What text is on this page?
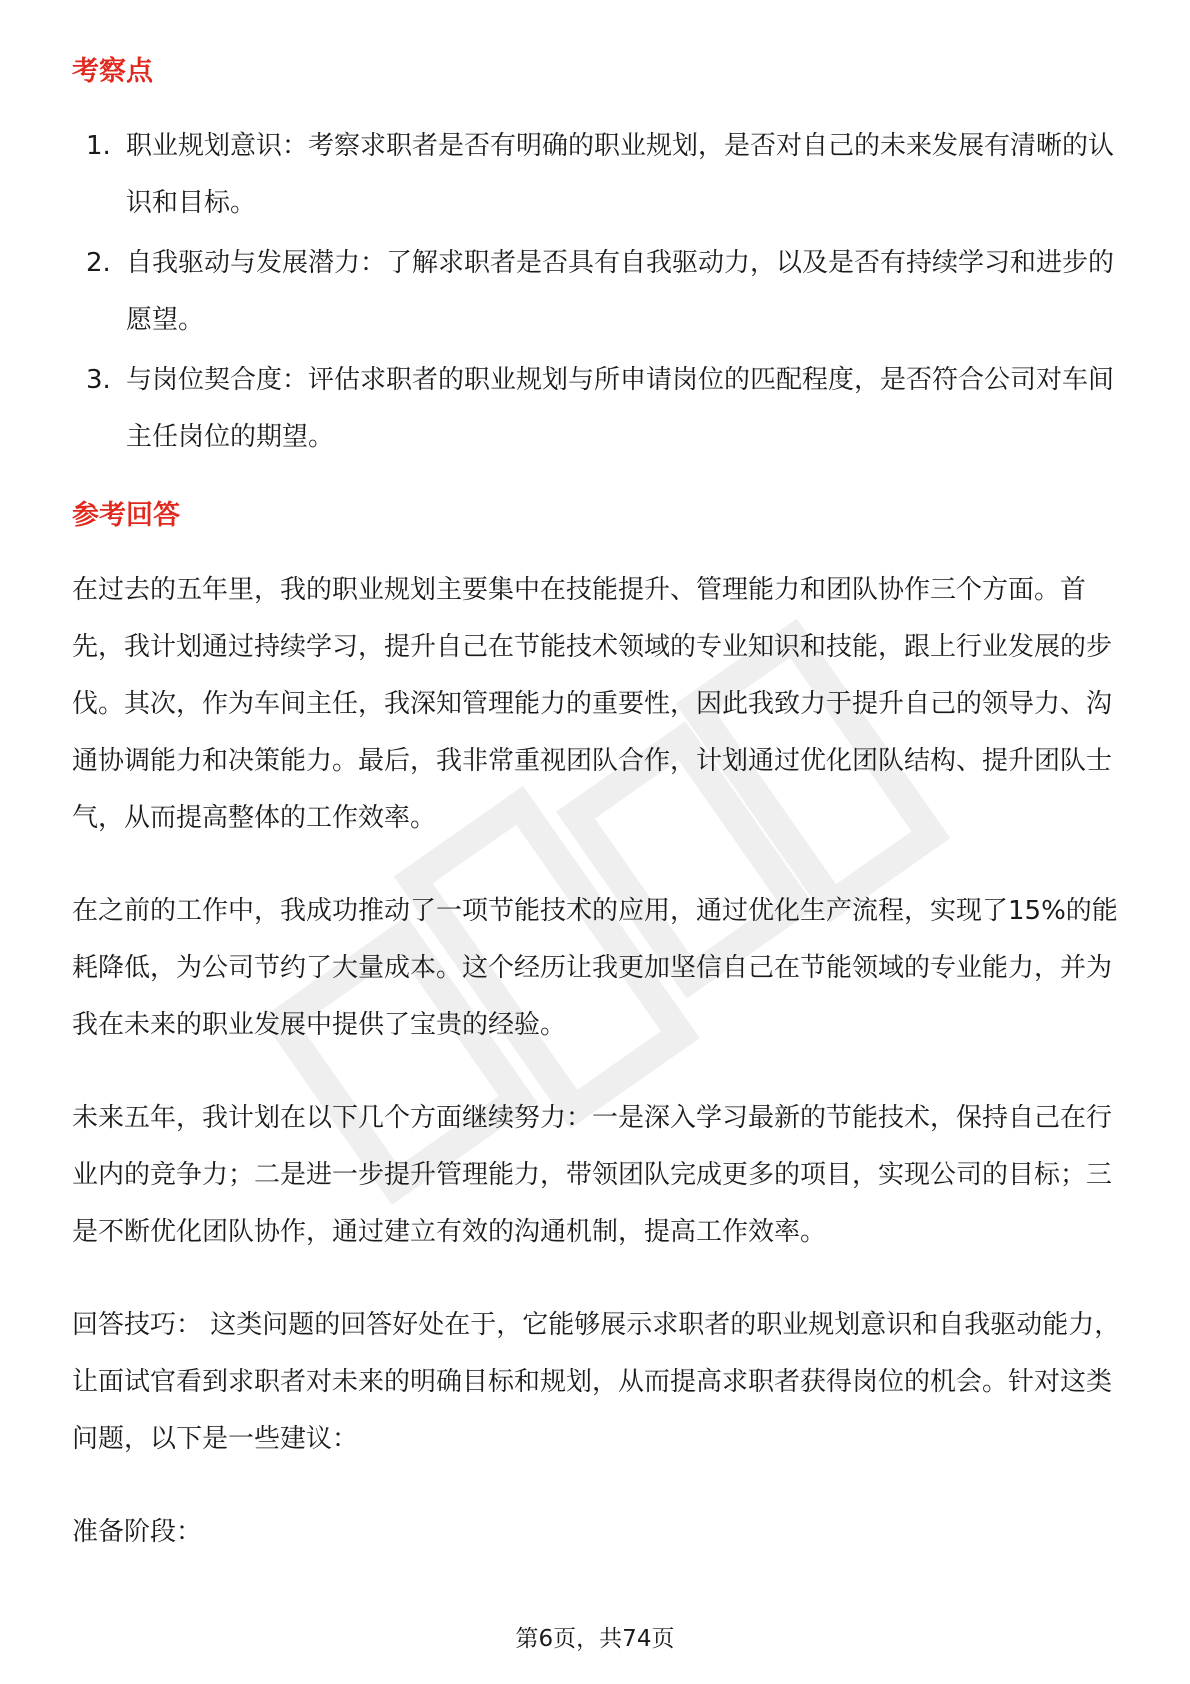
考察点
1. 职业规划意识：考察求职者是否有明确的职业规划，是否对自己的未来发展有清晰的认识和目标。
2. 自我驱动与发展潜力：了解求职者是否具有自我驱动力，以及是否有持续学习和进步的愿望。
3. 与岗位契合度：评估求职者的职业规划与所申请岗位的匹配程度，是否符合公司对车间主任岗位的期望。
参考回答

在过去的五年里，我的职业规划主要集中在技能提升、管理能力和团队协作三个方面。首先，我计划通过持续学习，提升自己在节能技术领域的专业知识和技能，跟上行业发展的步伐。其次，作为车间主任，我深知管理能力的重要性，因此我致力于提升自己的领导力、沟通协调能力和决策能力。最后，我非常重视团队合作，计划通过优化团队结构、提升团队士气，从而提高整体的工作效率。

在之前的工作中，我成功推动了一项节能技术的应用，通过优化生产流程，实现了15%的能耗降低，为公司节约了大量成本。这个经历让我更加坚信自己在节能领域的专业能力，并为我在未来的职业发展中提供了宝贵的经验。

未来五年，我计划在以下几个方面继续努力：一是深入学习最新的节能技术，保持自己在行业内的竞争力；二是进一步提升管理能力，带领团队完成更多的项目，实现公司的目标；三是不断优化团队协作，通过建立有效的沟通机制，提高工作效率。

回答技巧： 这类问题的回答好处在于，它能够展示求职者的职业规划意识和自我驱动能力，让面试官看到求职者对未来的明确目标和规划，从而提高求职者获得岗位的机会。针对这类问题，以下是一些建议：

准备阶段：

第6页，共74页
